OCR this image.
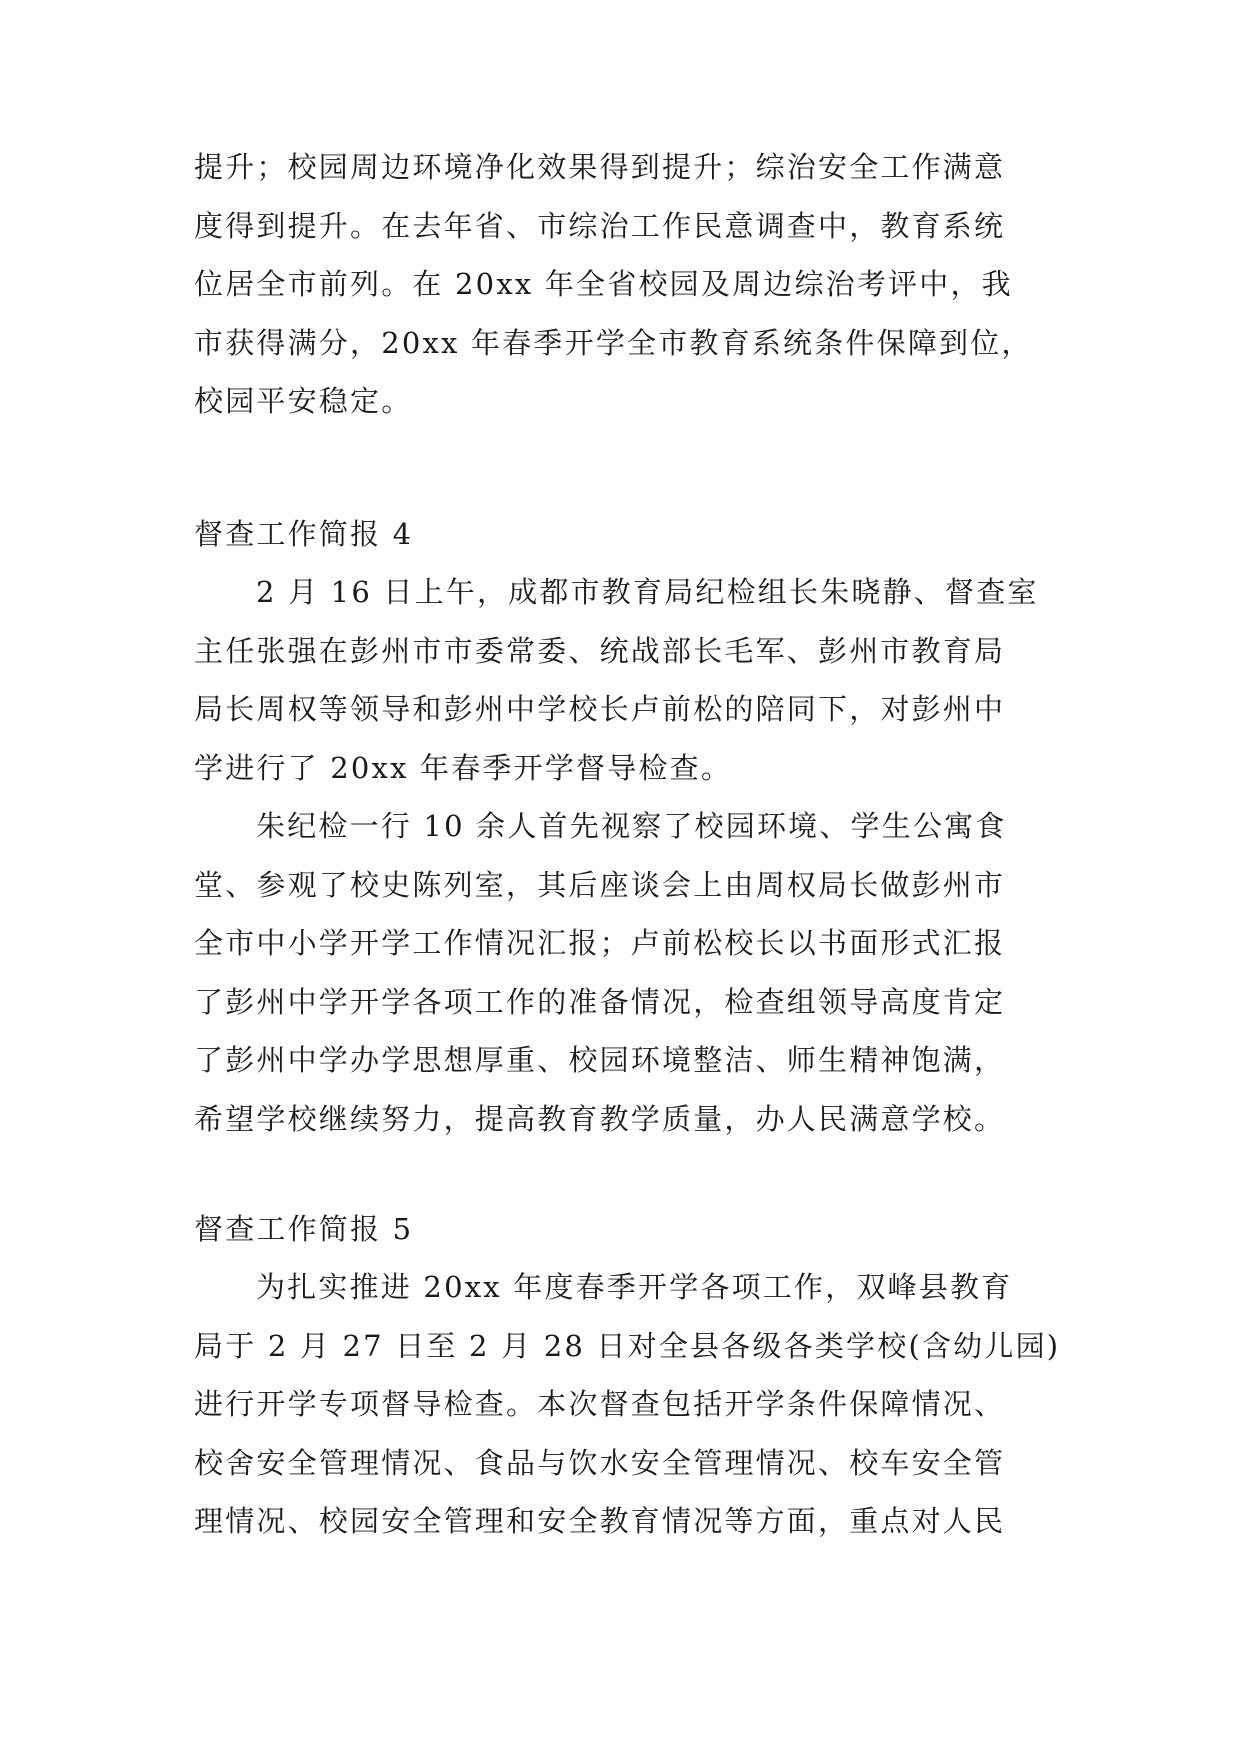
提升；校园周边环境净化效果得到提升；综治安全工作满意
度得到提升。在去年省、市综治工作民意调查中，教育系统
位居全市前列。在 20xx 年全省校园及周边综治考评中，我
市获得满分，20xx 年春季开学全市教育系统条件保障到位，
校园平安稳定。
督查工作简报 4
2 月 16 日上午，成都市教育局纪检组长朱晓静、督查室
主任张强在彭州市市委常委、统战部长毛军、彭州市教育局
局长周权等领导和彭州中学校长卢前松的陪同下，对彭州中
学进行了 20xx 年春季开学督导检查。
朱纪检一行 10 余人首先视察了校园环境、学生公寓食
堂、参观了校史陈列室，其后座谈会上由周权局长做彭州市
全市中小学开学工作情况汇报；卢前松校长以书面形式汇报
了彭州中学开学各项工作的准备情况，检查组领导高度肯定
了彭州中学办学思想厚重、校园环境整洁、师生精神饱满，
希望学校继续努力，提高教育教学质量，办人民满意学校。
督查工作简报 5
为扎实推进 20xx 年度春季开学各项工作，双峰县教育
局于 2 月 27 日至 2 月 28 日对全县各级各类学校(含幼儿园)
进行开学专项督导检查。本次督查包括开学条件保障情况、
校舍安全管理情况、食品与饮水安全管理情况、校车安全管
理情况、校园安全管理和安全教育情况等方面，重点对人民
